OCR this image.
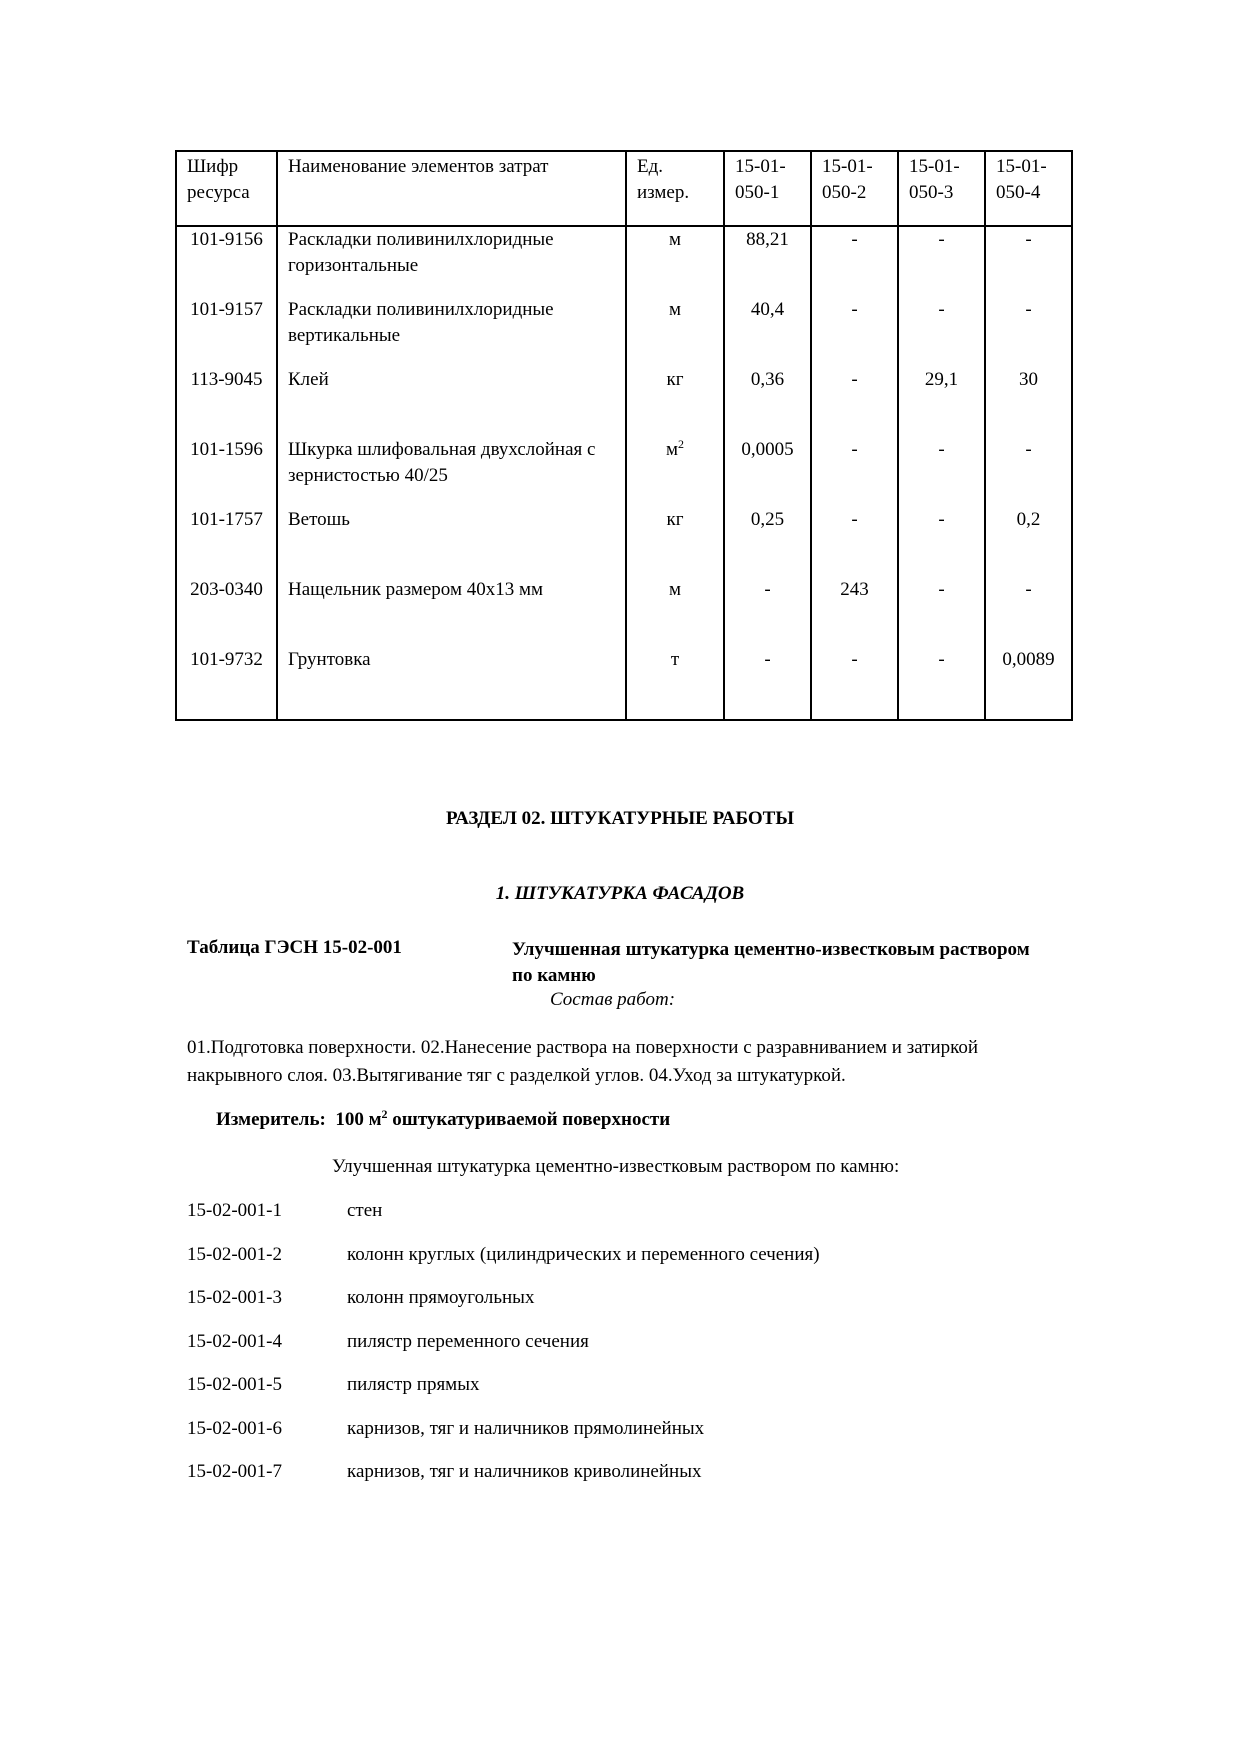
Шифр ресурса	Наименование элементов затрат	Ед. измер.	15-01-050-1	15-01-050-2	15-01-050-3	15-01-050-4
101-9156	Раскладки поливинилхлоридные горизонтальные	м	88,21	-	-	-
101-9157	Раскладки поливинилхлоридные вертикальные	м	40,4	-	-	-
113-9045	Клей	кг	0,36	-	29,1	30
101-1596	Шкурка шлифовальная двухслойная с зернистостью 40/25	$м^2$	0,0005	-	-	-
101-1757	Ветошь	кг	0,25	-	-	0,2
203-0340	Нащельник размером 40х13 мм	м	-	243	-	-
101-9732	Грунтовка	т	-	-	-	0,0089
РАЗДЕЛ 02. ШТУКАТУРНЫЕ РАБОТЫ
1. ШТУКАТУРКА ФАСАДОВ
Таблица ГЭСН 15-02-001	Улучшенная штукатурка цементно-известковым раствором по камню
Состав работ:
01.Подготовка поверхности. 02.Нанесение раствора на поверхности с разравниванием и затиркой накрывного слоя. 03.Вытягивание тяг с разделкой углов. 04.Уход за штукатуркой.
Измеритель: 100 $м^2$ оштукатуриваемой поверхности
Улучшенная штукатурка цементно-известковым раствором по камню:
15-02-001-1	стен
15-02-001-2	колонн круглых (цилиндрических и переменного сечения)
15-02-001-3	колонн прямоугольных
15-02-001-4	пилястр переменного сечения
15-02-001-5	пилястр прямых
15-02-001-6	карнизов, тяг и наличников прямолинейных
15-02-001-7	карнизов, тяг и наличников криволинейных
